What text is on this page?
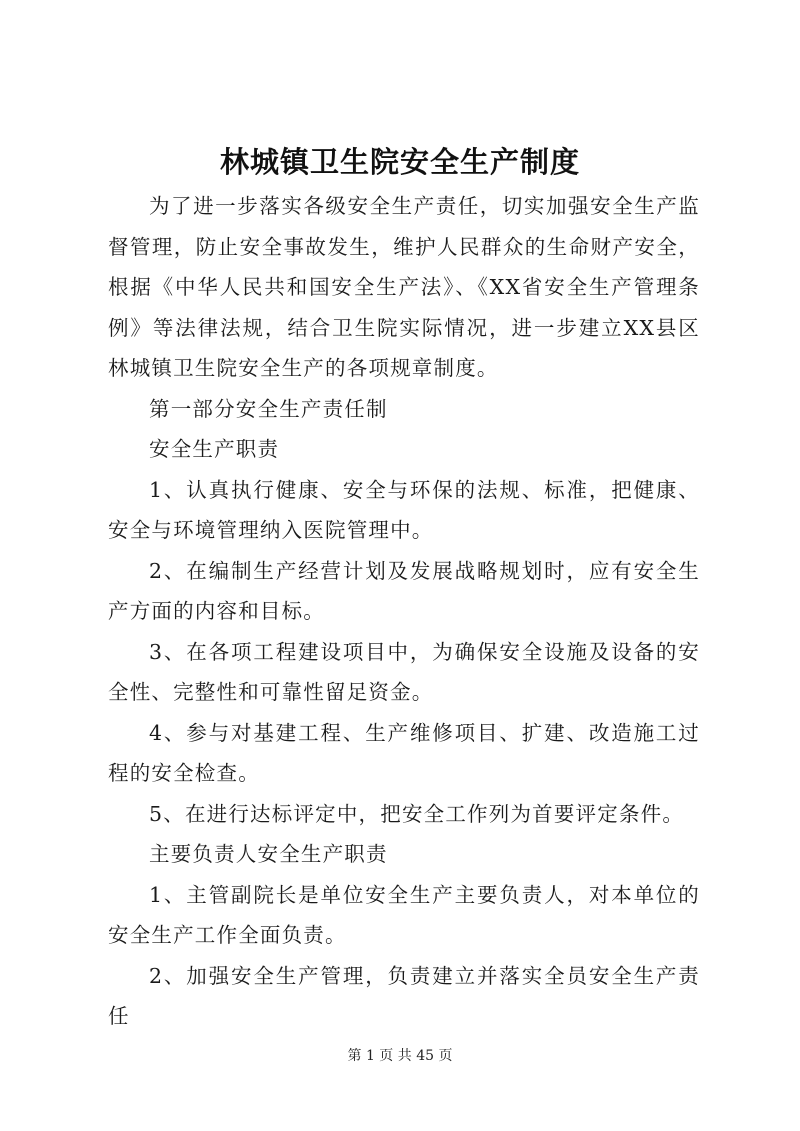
林城镇卫生院安全生产制度

为了进一步落实各级安全生产责任，切实加强安全生产监督管理，防止安全事故发生，维护人民群众的生命财产安全，根据《中华人民共和国安全生产法》、《XX省安全生产管理条例》等法律法规，结合卫生院实际情况，进一步建立XX县区林城镇卫生院安全生产的各项规章制度。

第一部分安全生产责任制

安全生产职责

1、认真执行健康、安全与环保的法规、标准，把健康、安全与环境管理纳入医院管理中。

2、在编制生产经营计划及发展战略规划时，应有安全生产方面的内容和目标。

3、在各项工程建设项目中，为确保安全设施及设备的安全性、完整性和可靠性留足资金。

4、参与对基建工程、生产维修项目、扩建、改造施工过程的安全检查。

5、在进行达标评定中，把安全工作列为首要评定条件。

主要负责人安全生产职责

1、主管副院长是单位安全生产主要负责人，对本单位的安全生产工作全面负责。

2、加强安全生产管理，负责建立并落实全员安全生产责任

第 1 页 共 45 页
